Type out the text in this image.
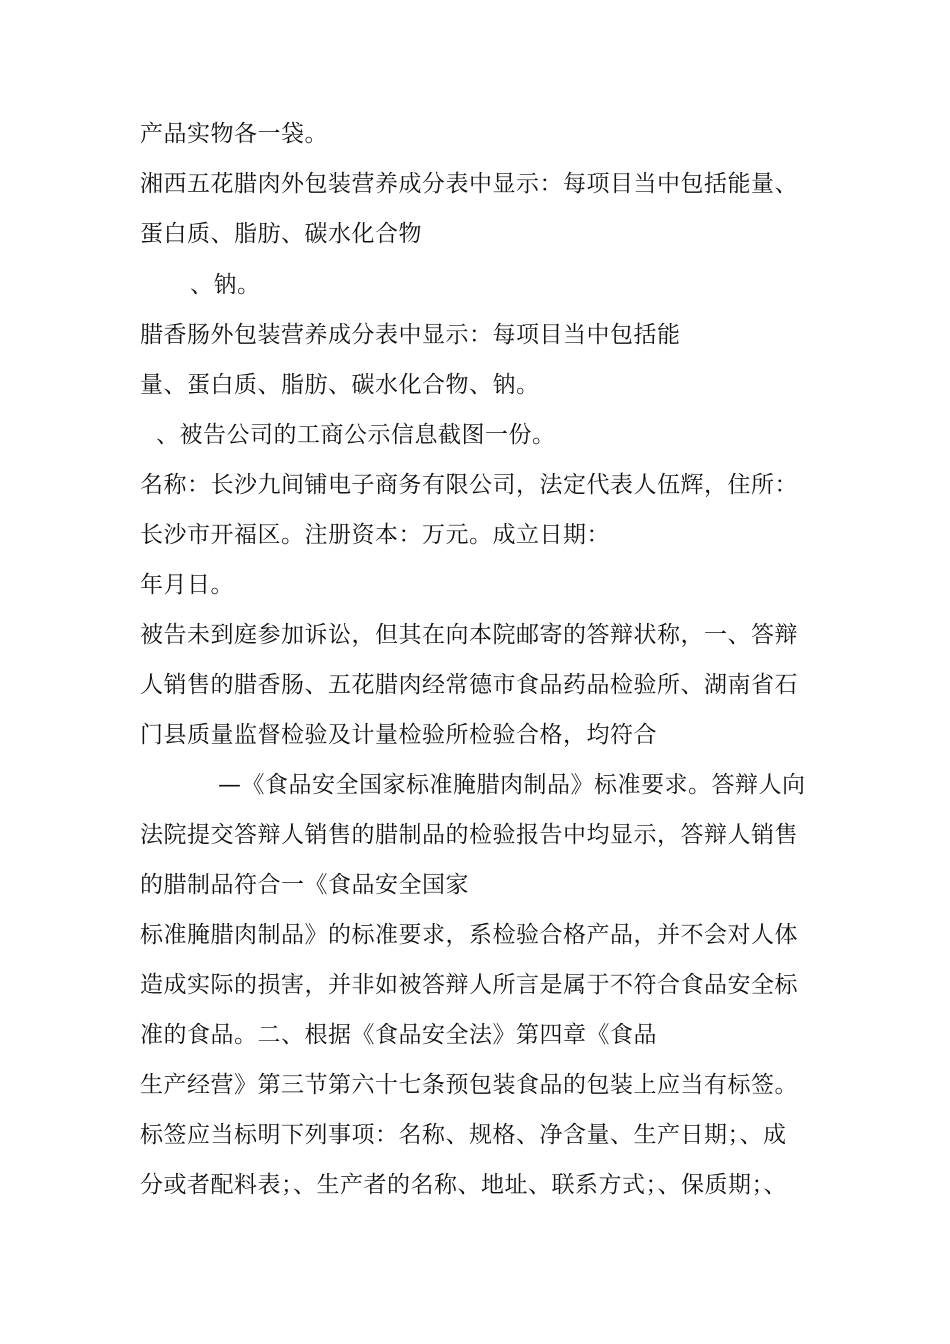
产品实物各一袋。
湘西五花腊肉外包装营养成分表中显示：每项目当中包括能量、
蛋白质、脂肪、碳水化合物
、钠。
腊香肠外包装营养成分表中显示：每项目当中包括能
量、蛋白质、脂肪、碳水化合物、钠。
、被告公司的工商公示信息截图一份。
名称：长沙九间铺电子商务有限公司，法定代表人伍辉，住所：
长沙市开福区。注册资本：万元。成立日期：
年月日。
被告未到庭参加诉讼，但其在向本院邮寄的答辩状称，一、答辩
人销售的腊香肠、五花腊肉经常德市食品药品检验所、湖南省石
门县质量监督检验及计量检验所检验合格，均符合
—《食品安全国家标准腌腊肉制品》标准要求。答辩人向
法院提交答辩人销售的腊制品的检验报告中均显示，答辩人销售
的腊制品符合一《食品安全国家
标准腌腊肉制品》的标准要求，系检验合格产品，并不会对人体
造成实际的损害，并非如被答辩人所言是属于不符合食品安全标
准的食品。二、根据《食品安全法》第四章《食品
生产经营》第三节第六十七条预包装食品的包装上应当有标签。
标签应当标明下列事项：名称、规格、净含量、生产日期；、成
分或者配料表；、生产者的名称、地址、联系方式；、保质期；、
